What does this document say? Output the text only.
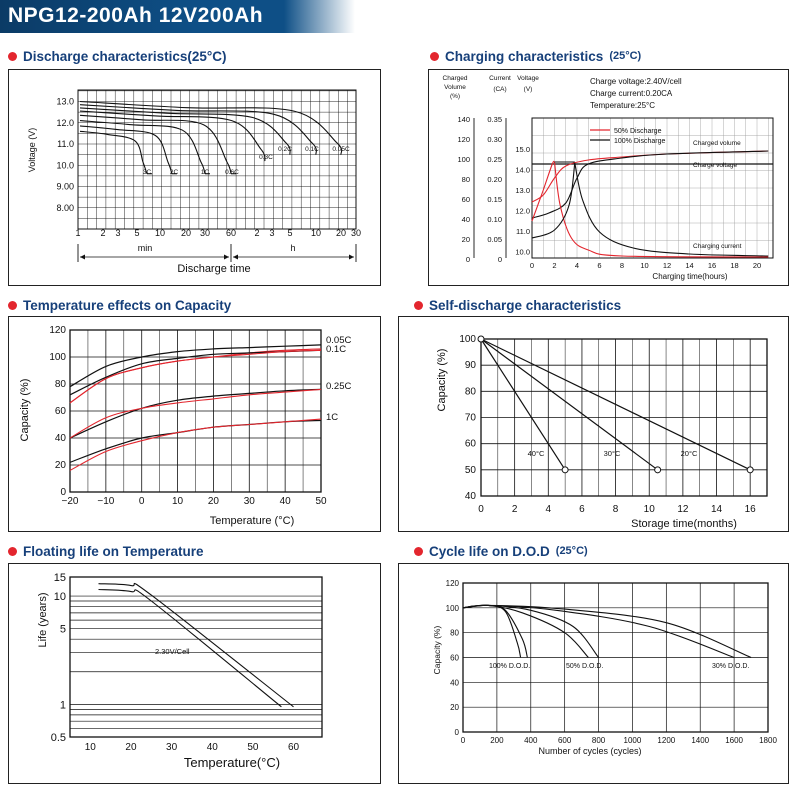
NPG12-200Ah 12V200Ah
Discharge characteristics(25°C)	Charging characteristics (25°C)
Temperature effects on Capacity	Self-discharge characteristics
Floating life on Temperature	Cycle life on D.O.D (25°C)
13.0
12.0
11.0
10.0
9.00
8.00
1 2 3 5 10 20 30 60 2 3 5 10 20 30
Voltage (V)
min	h
Discharge time
3C	2C	1C 0.6C
0.3C
0.2C 0.1C 0.05C
Charged
Volume
(%)
Current
(CA)
Voltage
(V)
140
120
100
80
60
40
20
0
0.35
0.30
0.25
0.20
0.15
0.10
0.05
0
15.0
14.0
13.0
12.0
11.0
10.0
0 2 4 6 8 10 12 14 16 18 20
Charging time(hours)
Charge voltage:2.40V/cell
Charge current:0.20CA
Temperature:25°C
50% Discharge
100% Discharge
Charge voltage
Charged volume
Charging current
120
100
80
60
40
20
0
−20 −10 0	10 20 30 40 50
Capacity (%)
Temperature (°C)
0.05C
0.1C
0.25C
1C
100
90
80
70
60
50
40
0	2	4	6	8	10 12 14 16
Capacity (%)
Storage time(months)
40°C	30°C	20°C
15
10
5
1
0.5
10	20	30	40	50	60
Life (years)
Temperature(°C)
2.30V/Cell
120
100
80
60
40
20
0
0	200	400	600	800 1000 1200 1400 1600 1800
Capacity (%)
Number of cycles (cycles)
100% D.O.D.	50% D.O.D.	30% D.O.D.
